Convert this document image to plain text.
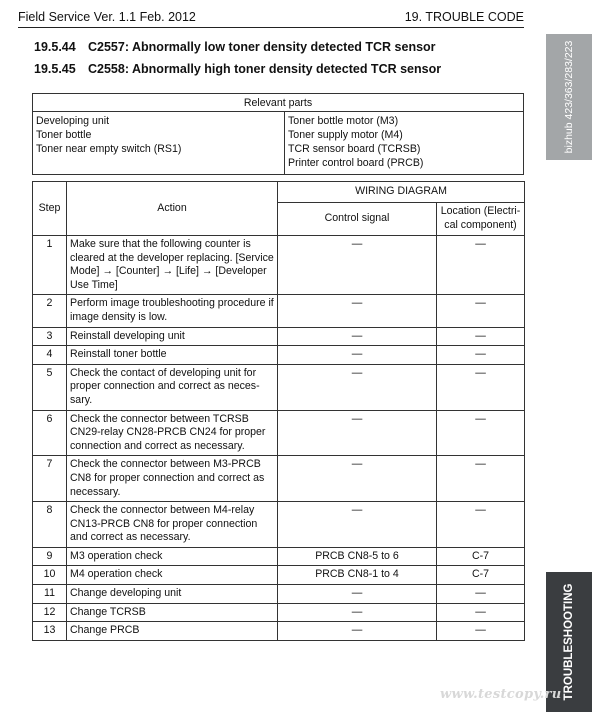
Field Service Ver. 1.1 Feb. 2012	19. TROUBLE CODE
19.5.44 C2557: Abnormally low toner density detected TCR sensor
19.5.45 C2558: Abnormally high toner density detected TCR sensor
Relevant parts

Developing unit
Toner bottle
Toner near empty switch (RS1)

Toner bottle motor (M3)
Toner supply motor (M4)
TCR sensor board (TCRSB)
Printer control board (PRCB)
Step	Action	WIRING DIAGRAM	
		Control signal	Location (Electri-cal component)
1	Make sure that the following counter is cleared at the developer replacing. [Service Mode] → [Counter] → [Life] → [Developer Use Time]	—	—
2	Perform image troubleshooting procedure if image density is low.	—	—
3	Reinstall developing unit	—	—
4	Reinstall toner bottle	—	—
5	Check the contact of developing unit for proper connection and correct as neces-sary.	—	—
6	Check the connector between TCRSB CN29-relay CN28-PRCB CN24 for proper connection and correct as necessary.	—	—
7	Check the connector between M3-PRCB CN8 for proper connection and correct as necessary.	—	—
8	Check the connector between M4-relay CN13-PRCB CN8 for proper connection and correct as necessary.	—	—
9	M3 operation check	PRCB CN8-5 to 6	C-7
10	M4 operation check	PRCB CN8-1 to 4	C-7
11	Change developing unit	—	—
12	Change TCRSB	—	—
13	Change PRCB	—	—
bizhub 423/363/283/223
TROUBLESHOOTING
www.testcopy.ru
